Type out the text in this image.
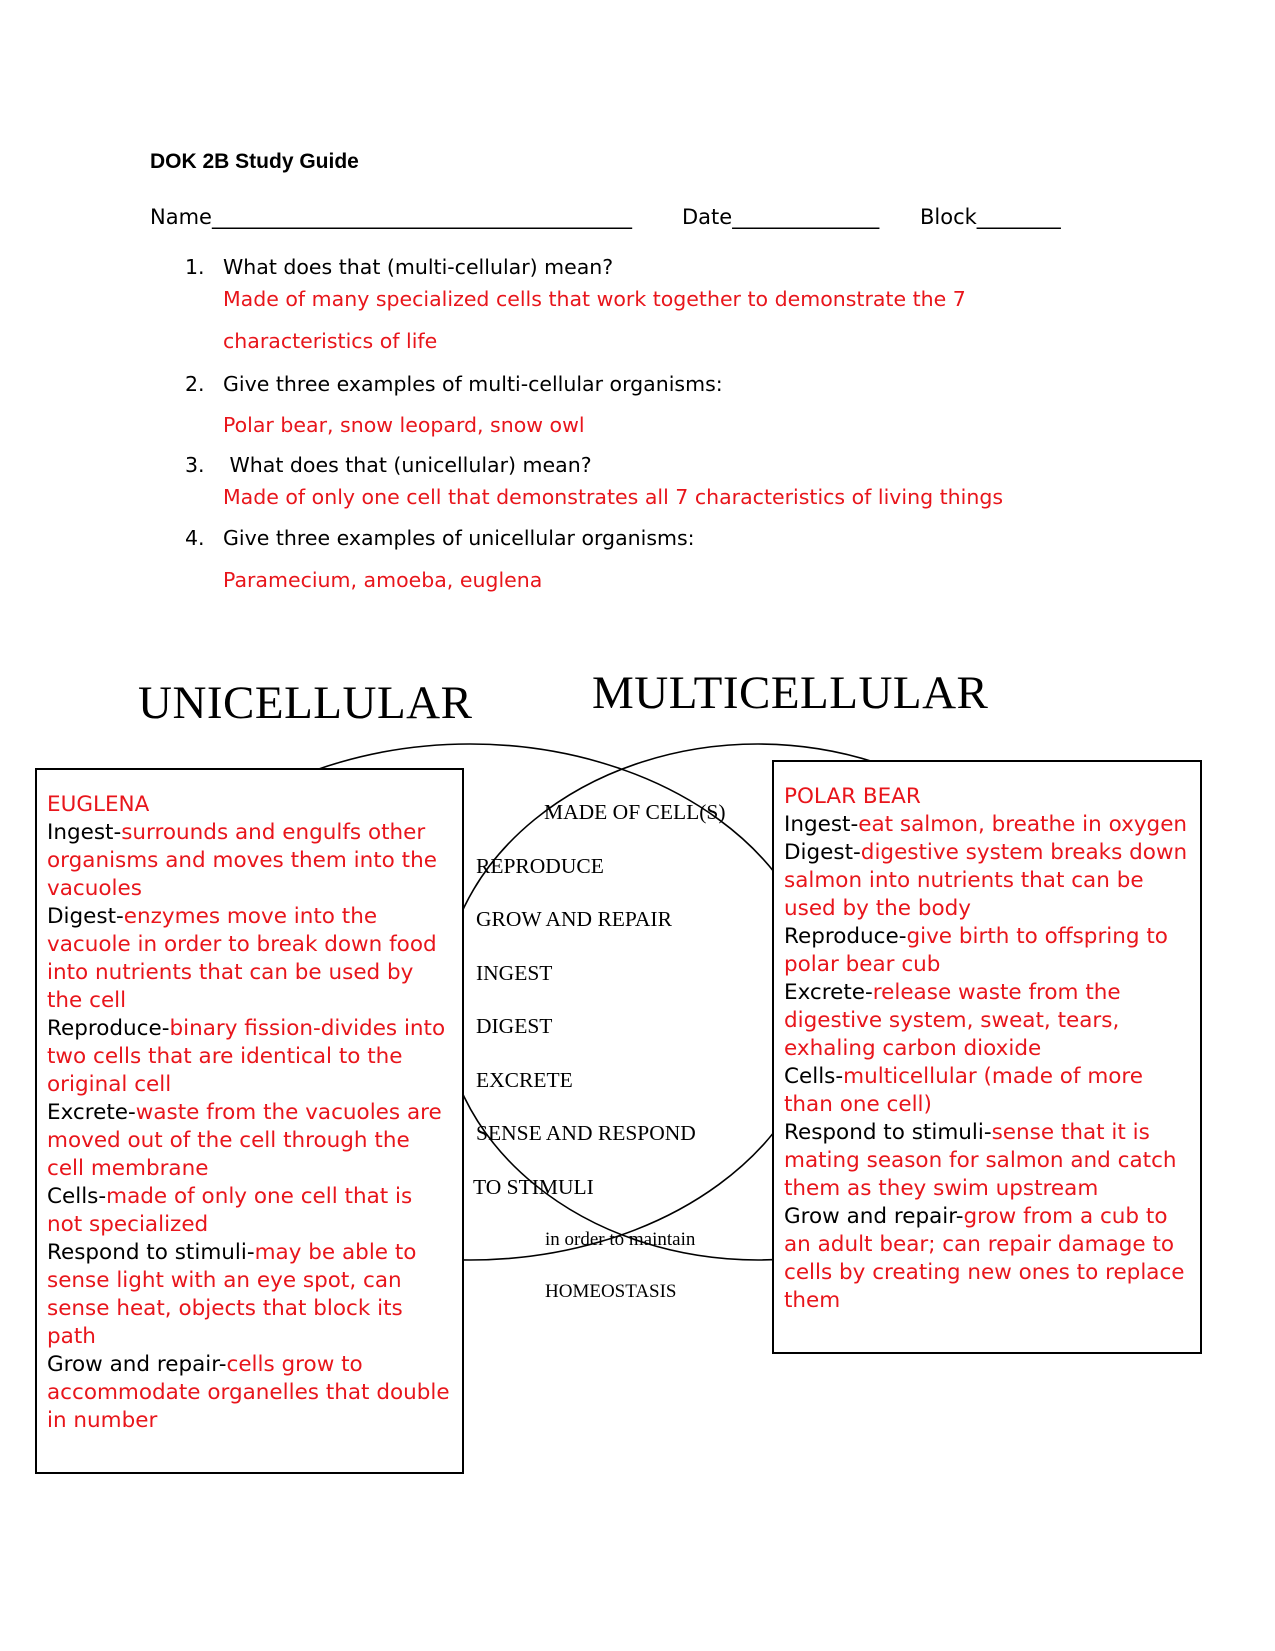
DOK 2B Study Guide
Name________________________________________ Date______________ Block________
1. What does that (multi-cellular) mean?
Made of many specialized cells that work together to demonstrate the 7
characteristics of life
2. Give three examples of multi-cellular organisms:
Polar bear, snow leopard, snow owl
3. What does that (unicellular) mean?
Made of only one cell that demonstrates all 7 characteristics of living things
4. Give three examples of unicellular organisms:
Paramecium, amoeba, euglena
UNICELLULAR	MULTICELLULAR
MADE OF CELL(S)
REPRODUCE
GROW AND REPAIR
INGEST
DIGEST
EXCRETE
SENSE AND RESPOND
TO STIMULI
in order to maintain
HOMEOSTASIS
EUGLENA
Ingest-surrounds and engulfs other organisms and moves them into the vacuoles
Digest-enzymes move into the vacuole in order to break down food into nutrients that can be used by the cell
Reproduce-binary fission-divides into two cells that are identical to the original cell
Excrete-waste from the vacuoles are moved out of the cell through the cell membrane
Cells-made of only one cell that is not specialized
Respond to stimuli-may be able to sense light with an eye spot, can sense heat, objects that block its path
Grow and repair-cells grow to accommodate organelles that double in number
POLAR BEAR
Ingest-eat salmon, breathe in oxygen
Digest-digestive system breaks down salmon into nutrients that can be used by the body
Reproduce-give birth to offspring to polar bear cub
Excrete-release waste from the digestive system, sweat, tears, exhaling carbon dioxide
Cells-multicellular (made of more than one cell)
Respond to stimuli-sense that it is mating season for salmon and catch them as they swim upstream
Grow and repair-grow from a cub to an adult bear; can repair damage to cells by creating new ones to replace them
